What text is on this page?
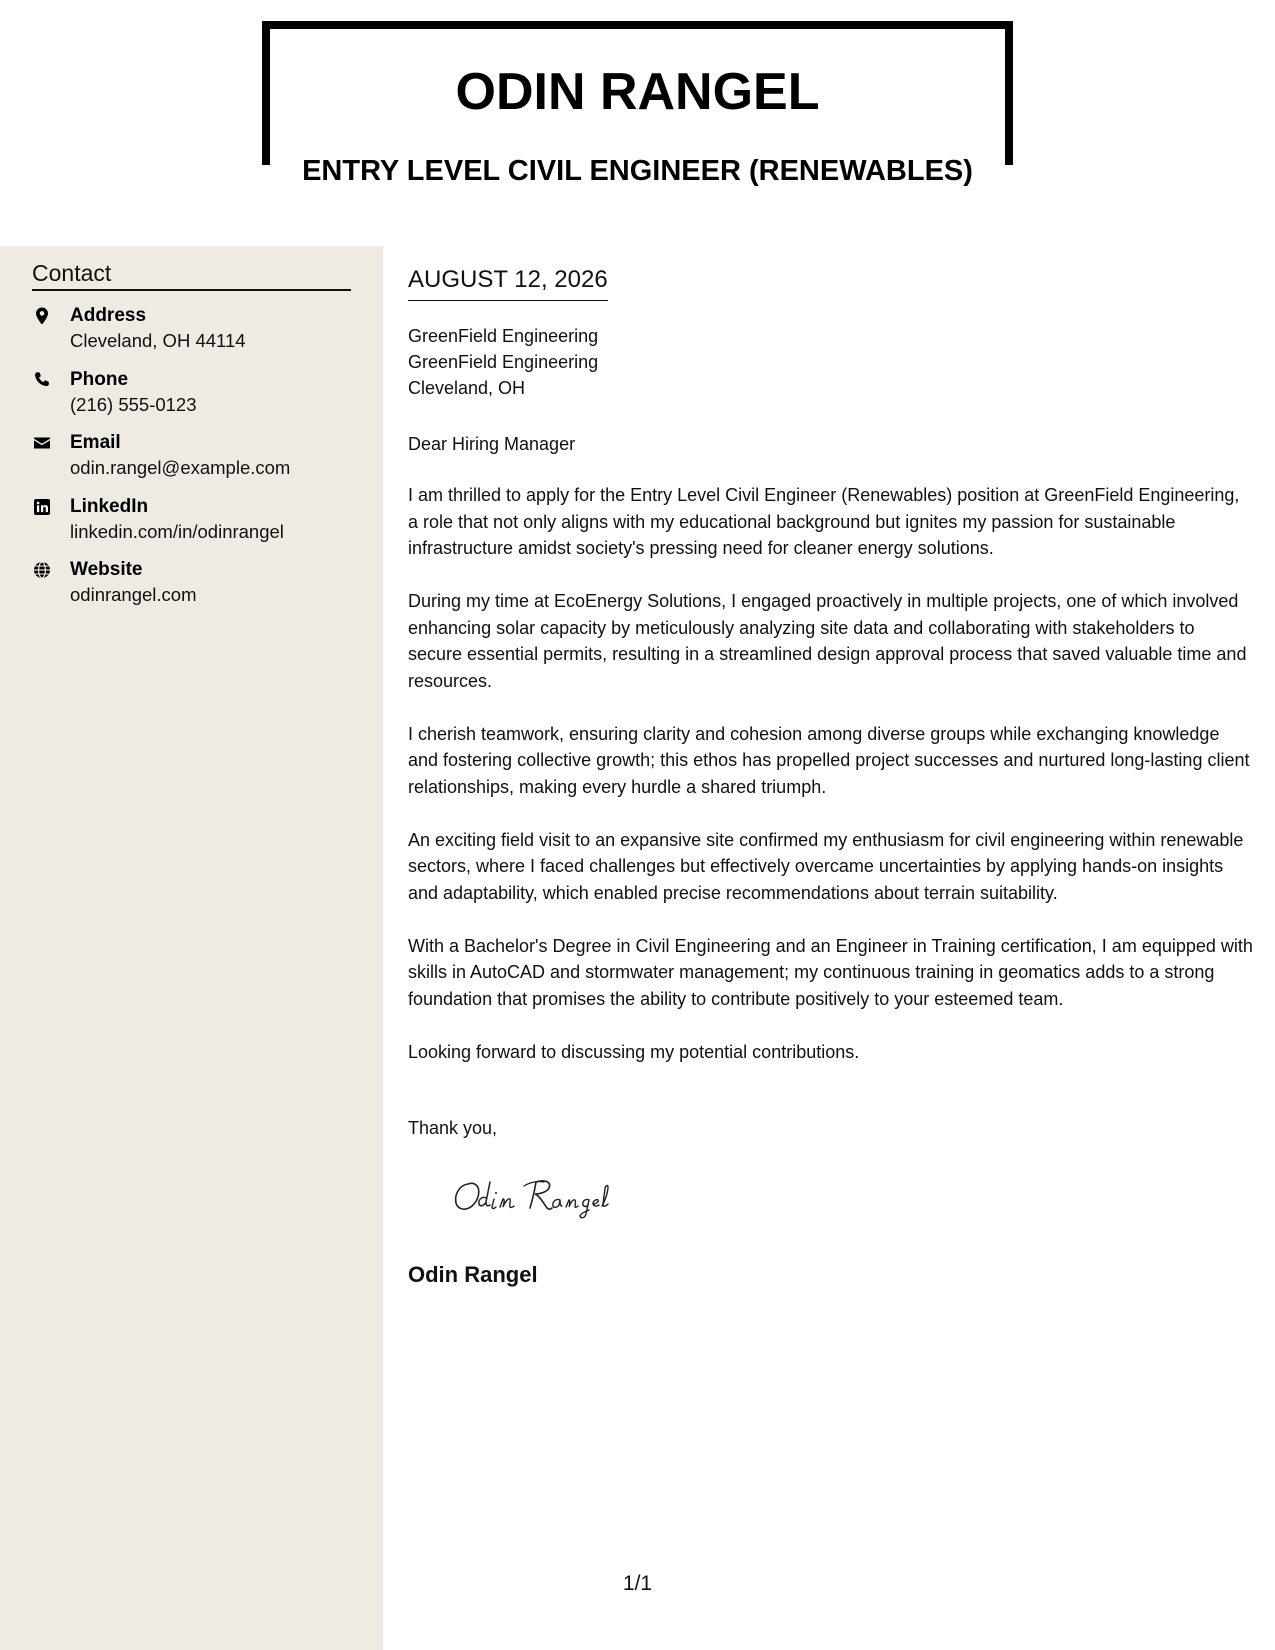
ODIN RANGEL
ENTRY LEVEL CIVIL ENGINEER (RENEWABLES)
Contact
Address
Cleveland, OH 44114
Phone
(216) 555-0123
Email
odin.rangel@example.com
LinkedIn
linkedin.com/in/odinrangel
Website
odinrangel.com
AUGUST 12, 2026
GreenField Engineering
GreenField Engineering
Cleveland, OH
Dear Hiring Manager

I am thrilled to apply for the Entry Level Civil Engineer (Renewables) position at GreenField Engineering, a role that not only aligns with my educational background but ignites my passion for sustainable infrastructure amidst society's pressing need for cleaner energy solutions.

During my time at EcoEnergy Solutions, I engaged proactively in multiple projects, one of which involved enhancing solar capacity by meticulously analyzing site data and collaborating with stakeholders to secure essential permits, resulting in a streamlined design approval process that saved valuable time and resources.

I cherish teamwork, ensuring clarity and cohesion among diverse groups while exchanging knowledge and fostering collective growth; this ethos has propelled project successes and nurtured long-lasting client relationships, making every hurdle a shared triumph.

An exciting field visit to an expansive site confirmed my enthusiasm for civil engineering within renewable sectors, where I faced challenges but effectively overcame uncertainties by applying hands-on insights and adaptability, which enabled precise recommendations about terrain suitability.

With a Bachelor's Degree in Civil Engineering and an Engineer in Training certification, I am equipped with skills in AutoCAD and stormwater management; my continuous training in geomatics adds to a strong foundation that promises the ability to contribute positively to your esteemed team.

Looking forward to discussing my potential contributions.

Thank you,
Odin Rangel
1/1
